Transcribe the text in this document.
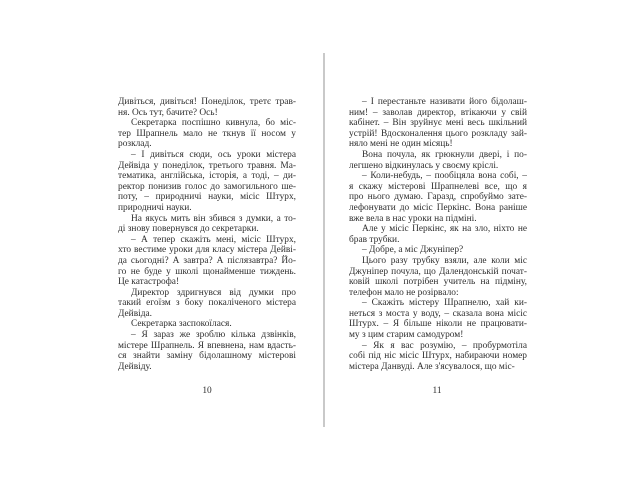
Дивіться, дивіться! Понеділок, третє трав-
ня. Ось тут, бачите? Ось!
Секретарка поспішно кивнула, бо міс-
тер Шрапнель мало не ткнув її носом у
розклад.
– І дивіться сюди, ось уроки містера
Дейвіда у понеділок, третього травня. Ма-
тематика, англійська, історія, а тоді, – ди-
ректор понизив голос до замогильного ше-
поту, – природничі науки, місіс Штурх,
природничі науки.
На якусь мить він збився з думки, а то-
ді знову повернувся до секретарки.
– А тепер скажіть мені, місіс Штурх,
хто вестиме уроки для класу містера Дейві-
да сьогодні? А завтра? А післязавтра? Йо-
го не буде у школі щонайменше тиждень.
Це катастрофа!
Директор здригнувся від думки про
такий егоїзм з боку покаліченого містера
Дейвіда.
Секретарка заспокоїлася.
– Я зараз же зроблю кілька дзвінків,
містере Шрапнель. Я впевнена, нам вдасть-
ся знайти заміну бідолашному містерові
Дейвіду.
– І перестаньте називати його бідолаш-
ним! – заволав директор, втікаючи у свій
кабінет. – Він зруйнує мені весь шкільний
устрій! Вдосконалення цього розкладу зай-
няло мені не один місяць!
Вона почула, як грюкнули двері, і по-
легшено відкинулась у своєму кріслі.
– Коли-небудь, – пообіцяла вона собі, –
я скажу містерові Шрапнелеві все, що я
про нього думаю. Гаразд, спробуймо зате-
лефонувати до місіс Перкінс. Вона раніше
вже вела в нас уроки на підміні.
Але у місіс Перкінс, як на зло, ніхто не
брав трубки.
– Добре, а міс Джуніпер?
Цього разу трубку взяли, але коли міс
Джуніпер почула, що Далендонській почат-
ковій школі потрібен учитель на підміну,
телефон мало не розірвало:
– Скажіть містеру Шрапнелю, хай ки-
неться з моста у воду, – сказала вона місіс
Штурх. – Я більше ніколи не працювати-
му з цим старим самодуром!
– Як я вас розумію, – пробурмотіла
собі під ніс місіс Штурх, набираючи номер
містера Данвуді. Але з'ясувалося, що міс-
10	11
